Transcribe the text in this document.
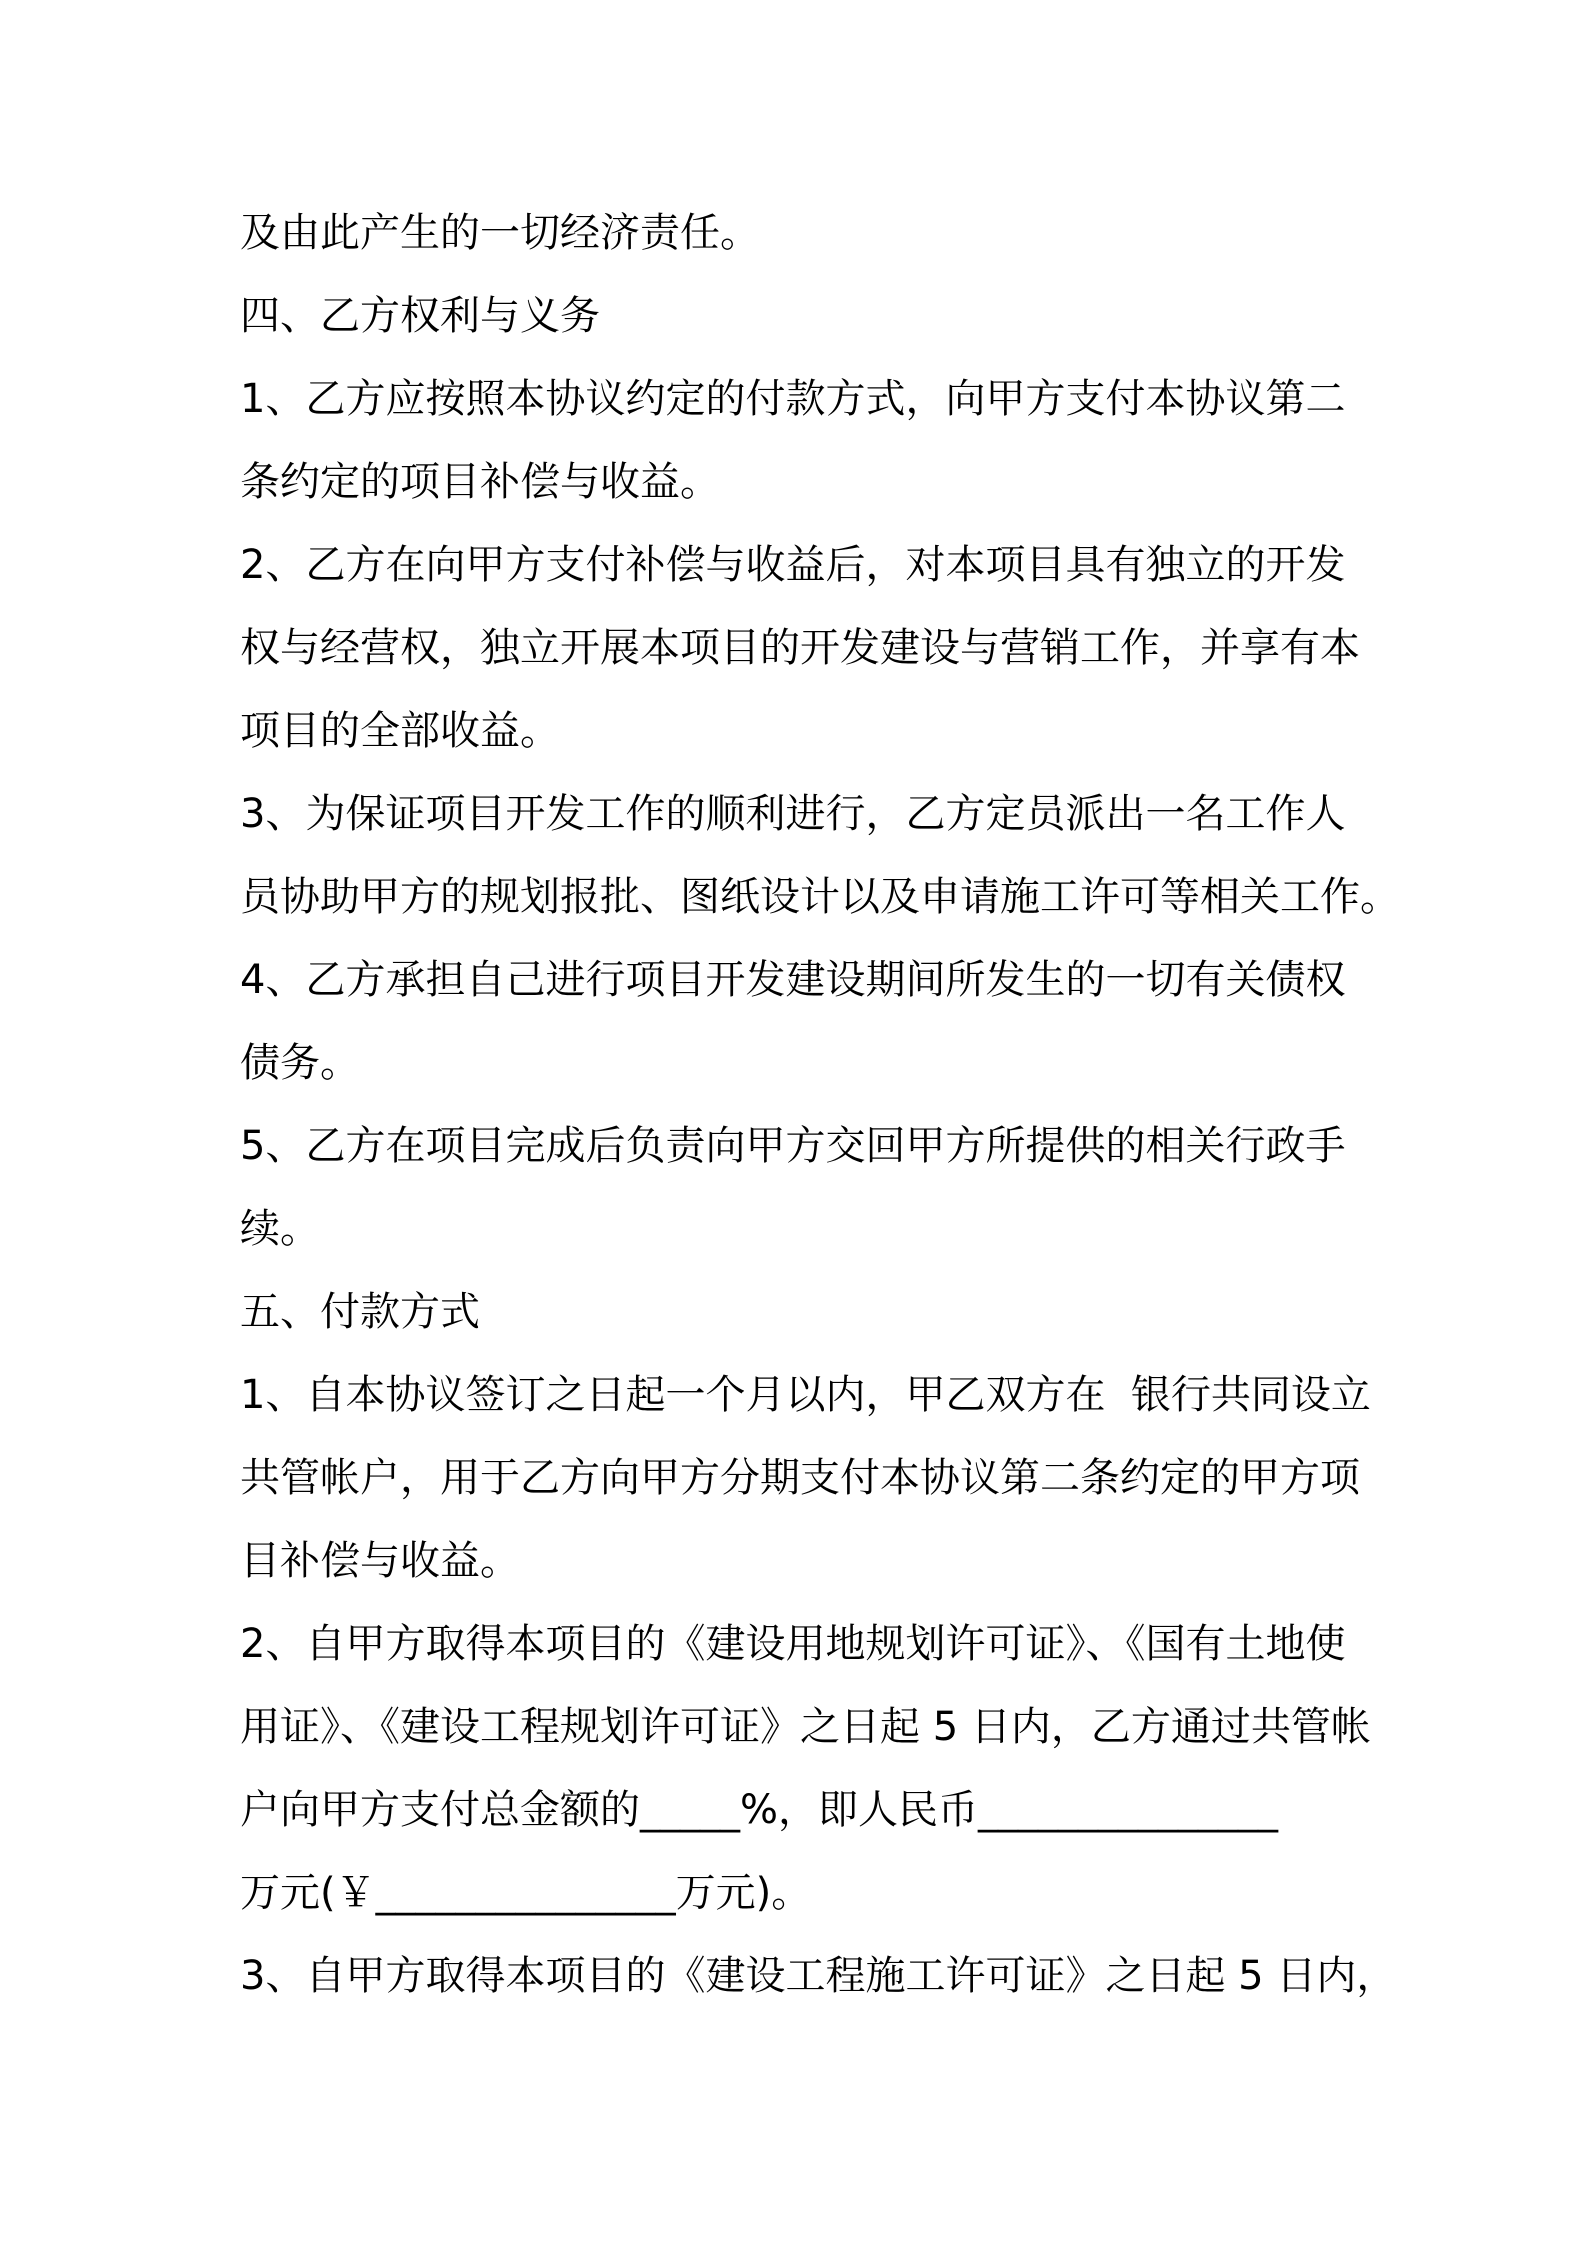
及由此产生的一切经济责任。
四、乙方权利与义务
1、乙方应按照本协议约定的付款方式，向甲方支付本协议第二
条约定的项目补偿与收益。
2、乙方在向甲方支付补偿与收益后，对本项目具有独立的开发
权与经营权，独立开展本项目的开发建设与营销工作，并享有本
项目的全部收益。
3、为保证项目开发工作的顺利进行，乙方定员派出一名工作人
员协助甲方的规划报批、图纸设计以及申请施工许可等相关工作。
4、乙方承担自己进行项目开发建设期间所发生的一切有关债权
债务。
5、乙方在项目完成后负责向甲方交回甲方所提供的相关行政手
续。
五、付款方式
1、自本协议签订之日起一个月以内，甲乙双方在  银行共同设立
共管帐户，用于乙方向甲方分期支付本协议第二条约定的甲方项
目补偿与收益。
2、自甲方取得本项目的《建设用地规划许可证》、《国有土地使
用证》、《建设工程规划许可证》之日起 5 日内，乙方通过共管帐
户向甲方支付总金额的_____%，即人民币_______________
万元(￥_______________万元)。
3、自甲方取得本项目的《建设工程施工许可证》之日起 5 日内，
